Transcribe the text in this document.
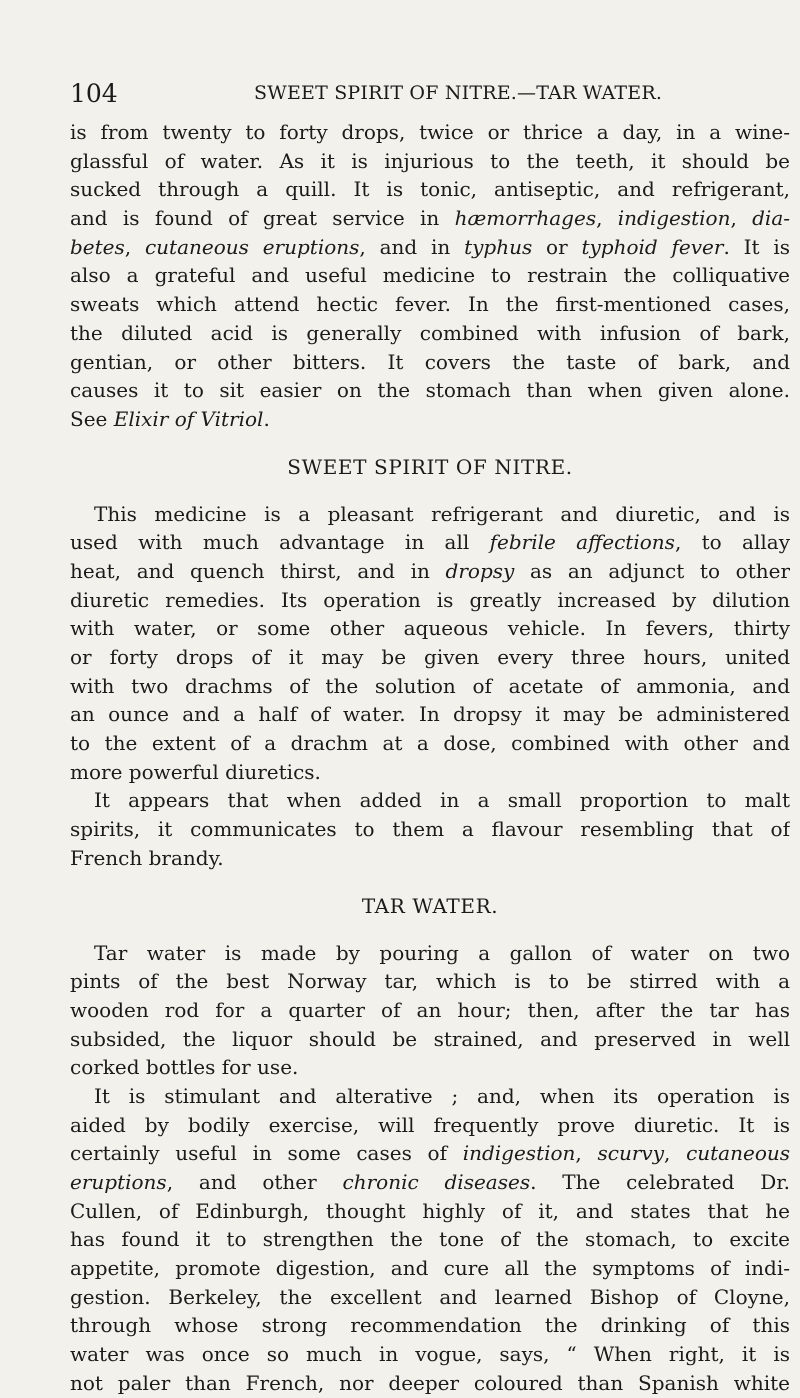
104	SWEET SPIRIT OF NITRE.—TAR WATER.
is from twenty to forty drops, twice or thrice a day, in a wine-
glassful of water. As it is injurious to the teeth, it should be
sucked through a quill. It is tonic, antiseptic, and refrigerant,
and is found of great service in hæmorrhages, indigestion, dia-
betes, cutaneous eruptions, and in typhus or typhoid fever. It is
also a grateful and useful medicine to restrain the colliquative
sweats which attend hectic fever. In the first-mentioned cases,
the diluted acid is generally combined with infusion of bark,
gentian, or other bitters. It covers the taste of bark, and
causes it to sit easier on the stomach than when given alone.
See Elixir of Vitriol.
SWEET SPIRIT OF NITRE.
This medicine is a pleasant refrigerant and diuretic, and is
used with much advantage in all febrile affections, to allay
heat, and quench thirst, and in dropsy as an adjunct to other
diuretic remedies. Its operation is greatly increased by dilution
with water, or some other aqueous vehicle. In fevers, thirty
or forty drops of it may be given every three hours, united
with two drachms of the solution of acetate of ammonia, and
an ounce and a half of water. In dropsy it may be administered
to the extent of a drachm at a dose, combined with other and
more powerful diuretics.
It appears that when added in a small proportion to malt
spirits, it communicates to them a flavour resembling that of
French brandy.
TAR WATER.
Tar water is made by pouring a gallon of water on two
pints of the best Norway tar, which is to be stirred with a
wooden rod for a quarter of an hour; then, after the tar has
subsided, the liquor should be strained, and preserved in well
corked bottles for use.
It is stimulant and alterative ; and, when its operation is
aided by bodily exercise, will frequently prove diuretic. It is
certainly useful in some cases of indigestion, scurvy, cutaneous
eruptions, and other chronic diseases. The celebrated Dr.
Cullen, of Edinburgh, thought highly of it, and states that he
has found it to strengthen the tone of the stomach, to excite
appetite, promote digestion, and cure all the symptoms of indi-
gestion. Berkeley, the excellent and learned Bishop of Cloyne,
through whose strong recommendation the drinking of this
water was once so much in vogue, says, “ When right, it is
not paler than French, nor deeper coloured than Spanish white
